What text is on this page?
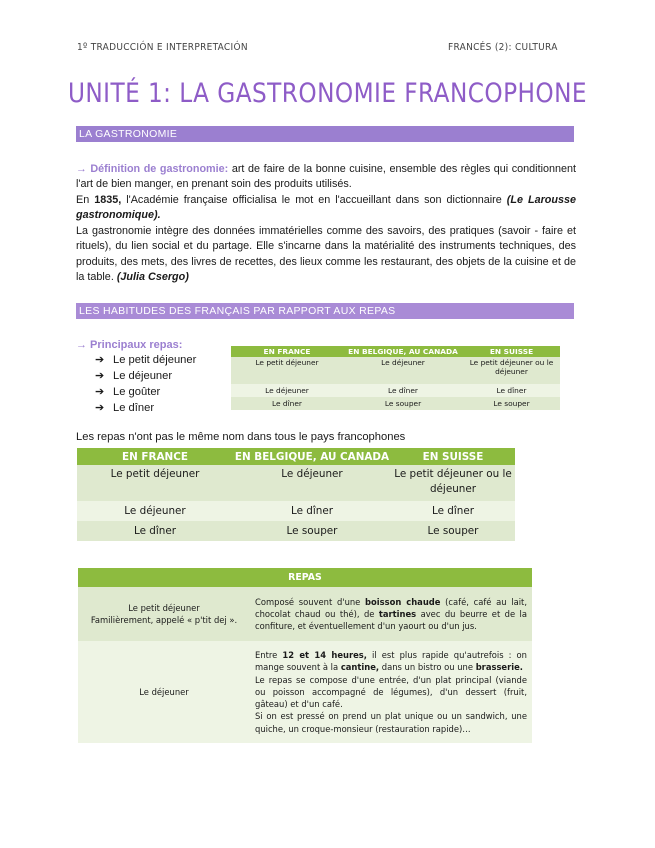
1º TRADUCCIÓN E INTERPRETACIÓN	FRANCÉS (2): CULTURA
UNITÉ 1: LA GASTRONOMIE FRANCOPHONE
LA GASTRONOMIE
→ Définition de gastronomie: art de faire de la bonne cuisine, ensemble des règles qui conditionnent l'art de bien manger, en prenant soin des produits utilisés.
En 1835, l'Académie française officialisa le mot en l'accueillant dans son dictionnaire (Le Larousse gastronomique).
La gastronomie intègre des données immatérielles comme des savoirs, des pratiques (savoir - faire et rituels), du lien social et du partage. Elle s'incarne dans la matérialité des instruments techniques, des produits, des mets, des livres de recettes, des lieux comme les restaurant, des objets de la cuisine et de la table. (Julia Csergo)
LES HABITUDES DES FRANÇAIS PAR RAPPORT AUX REPAS
→ Principaux repas:
➔ Le petit déjeuner
➔ Le déjeuner
➔ Le goûter
➔ Le dîner
EN FRANCE	EN BELGIQUE, AU CANADA	EN SUISSE
Le petit déjeuner	Le déjeuner	Le petit déjeuner ou le déjeuner
Le déjeuner	Le dîner	Le dîner
Le dîner	Le souper	Le souper
Les repas n'ont pas le même nom dans tous le pays francophones
EN FRANCE	EN BELGIQUE, AU CANADA	EN SUISSE
Le petit déjeuner	Le déjeuner	Le petit déjeuner ou le déjeuner
Le déjeuner	Le dîner	Le dîner
Le dîner	Le souper	Le souper
REPAS	

Le petit déjeuner
Familièrement, appelé « p'tit dej ».	Composé souvent d'une boisson chaude (café, café au lait, chocolat chaud ou thé), de tartines avec du beurre et de la confiture, et éventuellement d'un yaourt ou d'un jus.

Le déjeuner	Entre 12 et 14 heures, il est plus rapide qu'autrefois : on mange souvent à la cantine, dans un bistro ou une brasserie.
Le repas se compose d'une entrée, d'un plat principal (viande ou poisson accompagné de légumes), d'un dessert (fruit, gâteau) et d'un café.
Si on est pressé on prend un plat unique ou un sandwich, une quiche, un croque-monsieur (restauration rapide)…
